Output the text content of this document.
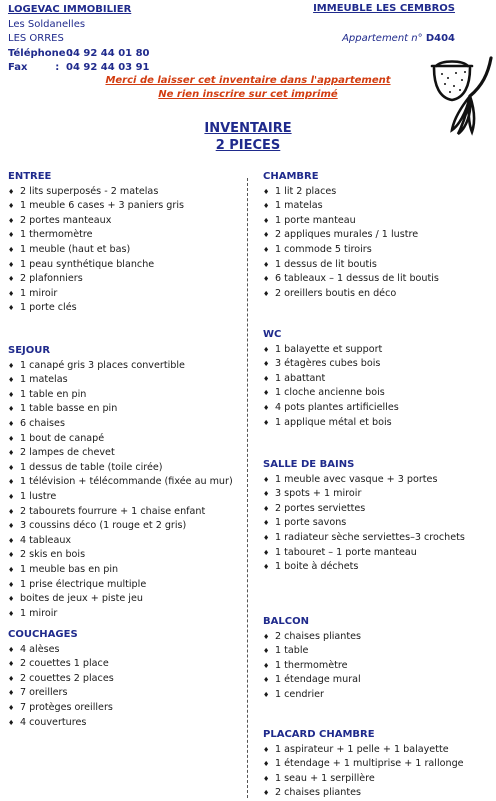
LOGEVAC IMMOBILIER
Les Soldanelles
LES ORRES
Téléphone :
04 92 44 01 80
Fax        : 04 92 44 03 91
IMMEUBLE LES CEMBROS
Appartement n° D404
Merci de laisser cet inventaire dans l'appartement
Ne rien inscrire sur cet imprimé
INVENTAIRE
2 PIECES
ENTREE
♦ 2 lits superposés - 2 matelas
♦ 1 meuble 6 cases + 3 paniers gris
♦ 2 portes manteaux
♦ 1 thermomètre
♦ 1 meuble (haut et bas)
♦ 1 peau synthétique blanche
♦ 2 plafonniers
♦ 1 miroir
♦ 1 porte clés
SEJOUR
♦ 1 canapé gris 3 places convertible
♦ 1 matelas
♦ 1 table en pin
♦ 1 table basse en pin
♦ 6 chaises
♦ 1 bout de canapé
♦ 2 lampes de chevet
♦ 1 dessus de table (toile cirée)
♦ 1 télévision + télécommande (fixée au mur)
♦ 1 lustre
♦ 2 tabourets fourrure + 1 chaise enfant
♦ 3 coussins déco (1 rouge et 2 gris)
♦ 4 tableaux
♦ 2 skis en bois
♦ 1 meuble bas en pin
♦ 1 prise électrique multiple
♦ boites de jeux + piste jeu
♦ 1 miroir
COUCHAGES
♦ 4 alèses
♦ 2 couettes 1 place
♦ 2 couettes 2 places
♦ 7 oreillers
♦ 7 protèges oreillers
♦ 4 couvertures
CHAMBRE
♦ 1 lit 2 places
♦ 1 matelas
♦ 1 porte manteau
♦ 2 appliques murales / 1 lustre
♦ 1 commode 5 tiroirs
♦ 1 dessus de lit boutis
♦ 6 tableaux – 1 dessus de lit boutis
♦ 2 oreillers boutis en déco
WC
♦ 1 balayette et support
♦ 3 étagères cubes bois
♦ 1 abattant
♦ 1 cloche ancienne bois
♦ 4 pots plantes artificielles
♦ 1 applique métal et bois
SALLE DE BAINS
♦ 1 meuble avec vasque + 3 portes
♦ 3 spots + 1 miroir
♦ 2 portes serviettes
♦ 1 porte savons
♦ 1 radiateur sèche serviettes–3 crochets
♦ 1 tabouret – 1 porte manteau
♦ 1 boite à déchets
BALCON
♦ 2 chaises pliantes
♦ 1 table
♦ 1 thermomètre
♦ 1 étendage mural
♦ 1 cendrier
PLACARD CHAMBRE
♦ 1 aspirateur + 1 pelle + 1 balayette
♦ 1 étendage + 1 multiprise + 1 rallonge
♦ 1 seau + 1 serpillère
♦ 2 chaises pliantes
